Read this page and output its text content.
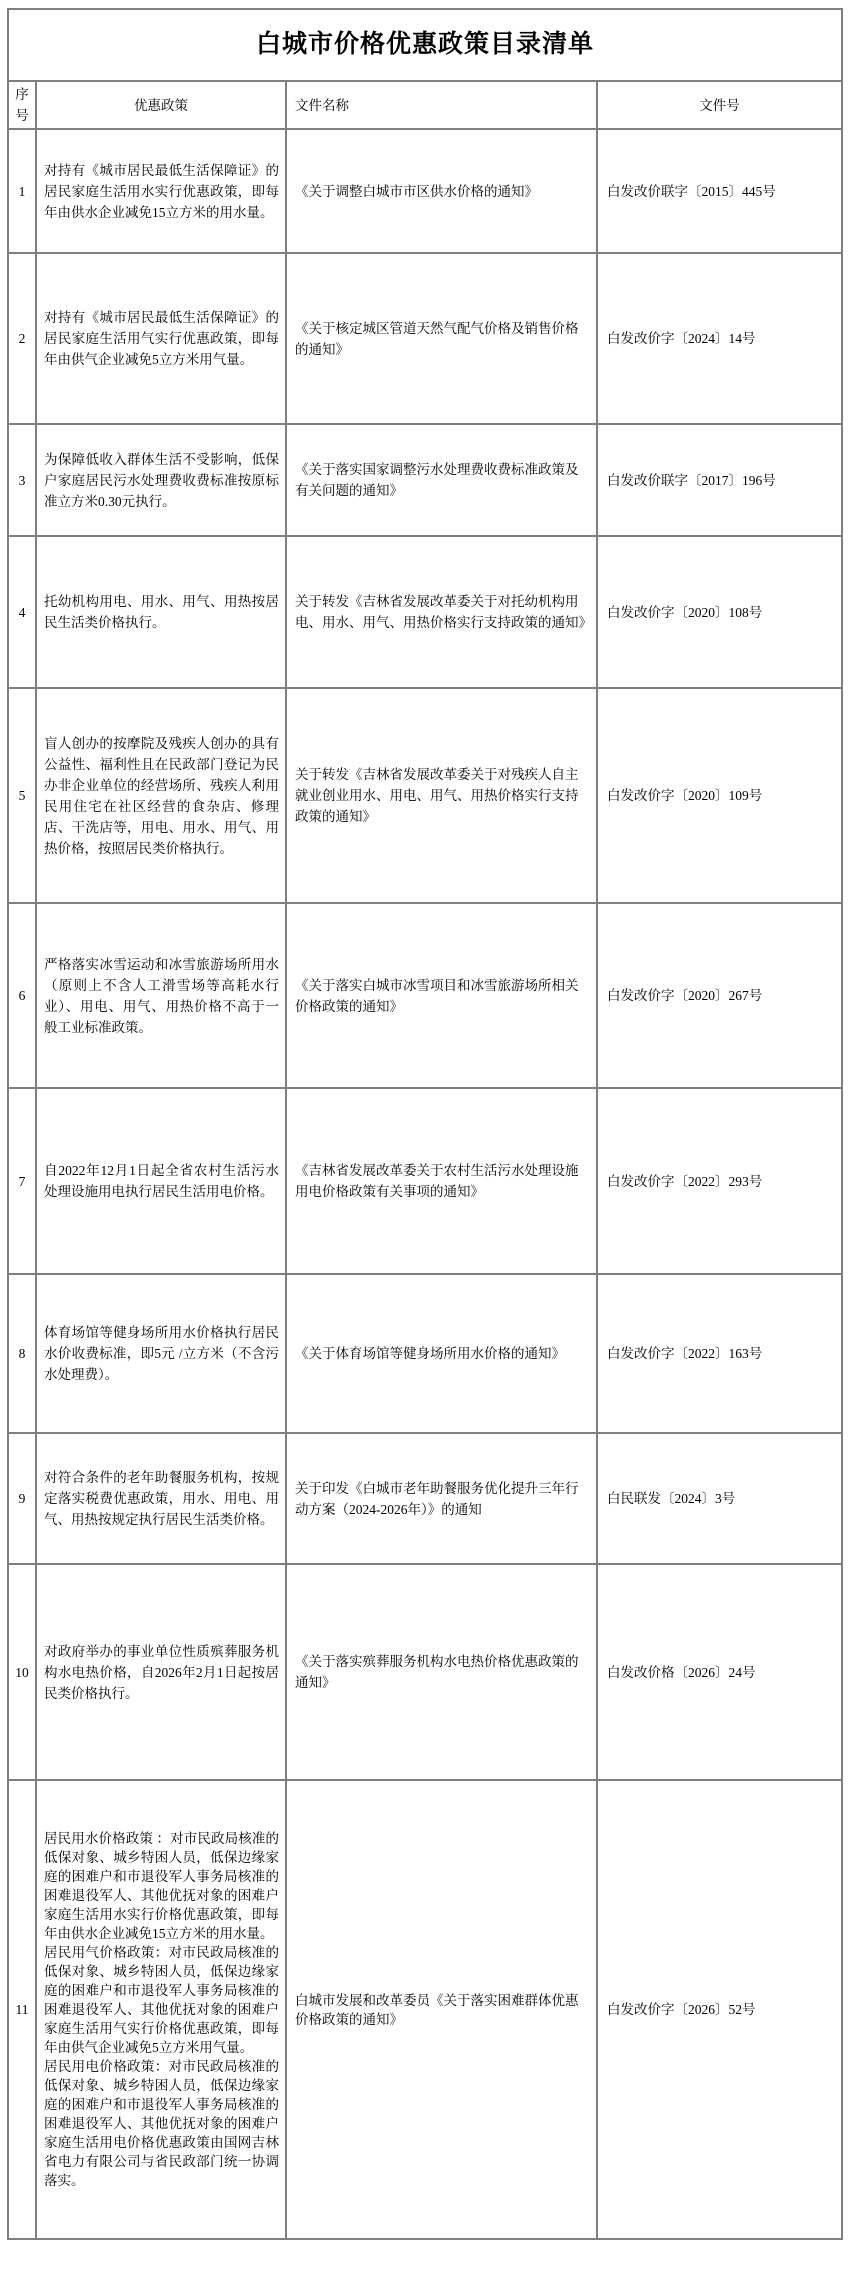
白城市价格优惠政策目录清单			
序号	优惠政策	文件名称	文件号
1	对持有《城市居民最低生活保障证》的居民家庭生活用水实行优惠政策，即每年由供水企业减免15立方米的用水量。	《关于调整白城市市区供水价格的通知》	白发改价联字〔2015〕445号
2	对持有《城市居民最低生活保障证》的居民家庭生活用气实行优惠政策，即每年由供气企业减免5立方米用气量。	《关于核定城区管道天然气配气价格及销售价格的通知》	白发改价字〔2024〕14号
3	为保障低收入群体生活不受影响，低保户家庭居民污水处理费收费标准按原标准立方米0.30元执行。	《关于落实国家调整污水处理费收费标准政策及有关问题的通知》	白发改价联字〔2017〕196号
4	托幼机构用电、用水、用气、用热按居民生活类价格执行。	关于转发《吉林省发展改革委关于对托幼机构用电、用水、用气、用热价格实行支持政策的通知》	白发改价字〔2020〕108号
5	盲人创办的按摩院及残疾人创办的具有公益性、福利性且在民政部门登记为民办非企业单位的经营场所、残疾人利用民用住宅在社区经营的食杂店、修理店、干洗店等，用电、用水、用气、用热价格，按照居民类价格执行。	关于转发《吉林省发展改革委关于对残疾人自主就业创业用水、用电、用气、用热价格实行支持政策的通知》	白发改价字〔2020〕109号
6	严格落实冰雪运动和冰雪旅游场所用水（原则上不含人工滑雪场等高耗水行业）、用电、用气、用热价格不高于一般工业标准政策。	《关于落实白城市冰雪项目和冰雪旅游场所相关价格政策的通知》	白发改价字〔2020〕267号
7	自2022年12月1日起全省农村生活污水处理设施用电执行居民生活用电价格。	《吉林省发展改革委关于农村生活污水处理设施用电价格政策有关事项的通知》	白发改价字〔2022〕293号
8	体育场馆等健身场所用水价格执行居民水价收费标准，即5元 /立方米（不含污水处理费）。	《关于体育场馆等健身场所用水价格的通知》	白发改价字〔2022〕163号
9	对符合条件的老年助餐服务机构，按规定落实税费优惠政策，用水、用电、用气、用热按规定执行居民生活类价格。	关于印发《白城市老年助餐服务优化提升三年行动方案（2024-2026年）》的通知	白民联发〔2024〕3号
10	对政府举办的事业单位性质殡葬服务机构水电热价格，自2026年2月1日起按居民类价格执行。	《关于落实殡葬服务机构水电热价格优惠政策的通知》	白发改价格〔2026〕24号
11	居民用水价格政策 ：对市民政局核准的低保对象、城乡特困人员，低保边缘家庭的困难户和市退役军人事务局核准的困难退役军人、其他优抚对象的困难户家庭生活用水实行价格优惠政策，即每年由供水企业减免15立方米的用水量。
居民用气价格政策：对市民政局核准的低保对象、城乡特困人员，低保边缘家庭的困难户和市退役军人事务局核准的困难退役军人、其他优抚对象的困难户家庭生活用气实行价格优惠政策，即每年由供气企业减免5立方米用气量。
居民用电价格政策：对市民政局核准的低保对象、城乡特困人员，低保边缘家庭的困难户和市退役军人事务局核准的困难退役军人、其他优抚对象的困难户家庭生活用电价格优惠政策由国网吉林省电力有限公司与省民政部门统一协调落实。	白城市发展和改革委员《关于落实困难群体优惠价格政策的通知》	白发改价字〔2026〕52号
